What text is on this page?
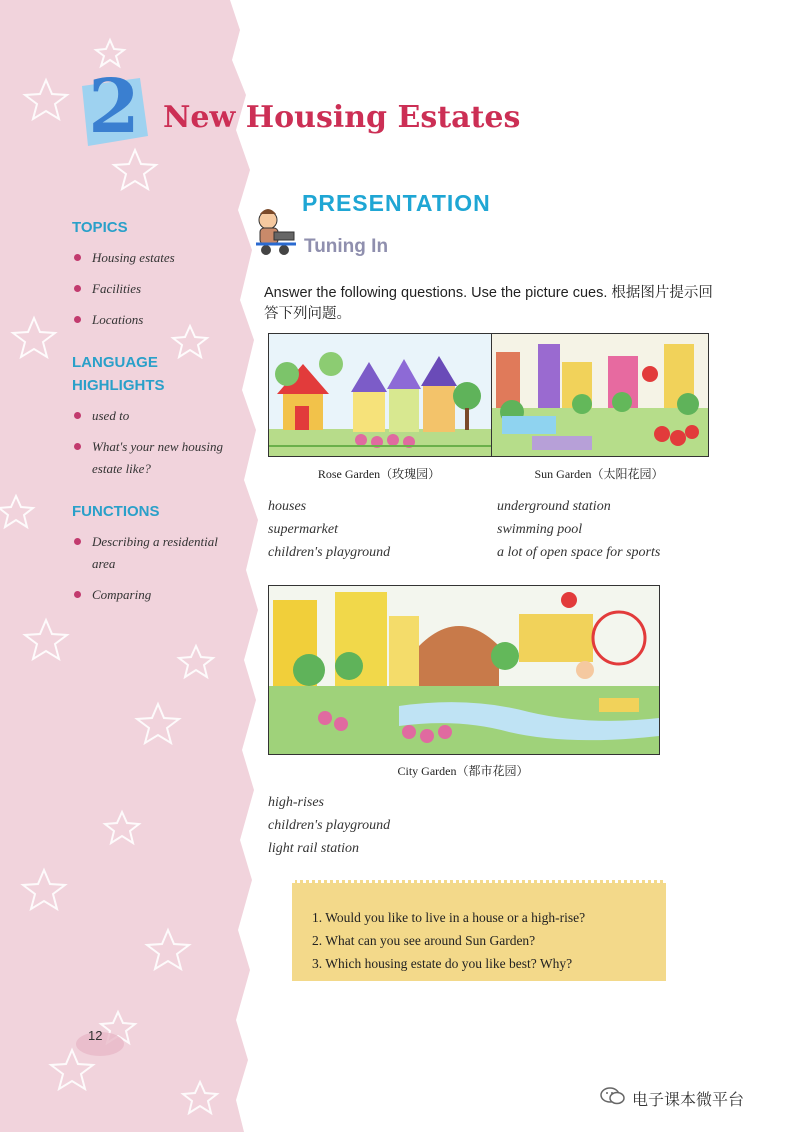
2 New Housing Estates

TOPICS

Housing estates
Facilities
Locations

LANGUAGE HIGHLIGHTS

used to
What's your new housing estate like?

FUNCTIONS

Describing a residential area
Comparing
PRESENTATION
Tuning In
Answer the following questions. Use the picture cues. 根据图片提示回答下列问题。
Rose Garden（玫瑰园）	Sun Garden（太阳花园）
houses
supermarket
children's playground
underground station
swimming pool
a lot of open space for sports
City Garden（都市花园）
high-rises
children's playground
light rail station
1. Would you like to live in a house or a high-rise?
2. What can you see around Sun Garden?
3. Which housing estate do you like best? Why?
12
电子课本微平台
